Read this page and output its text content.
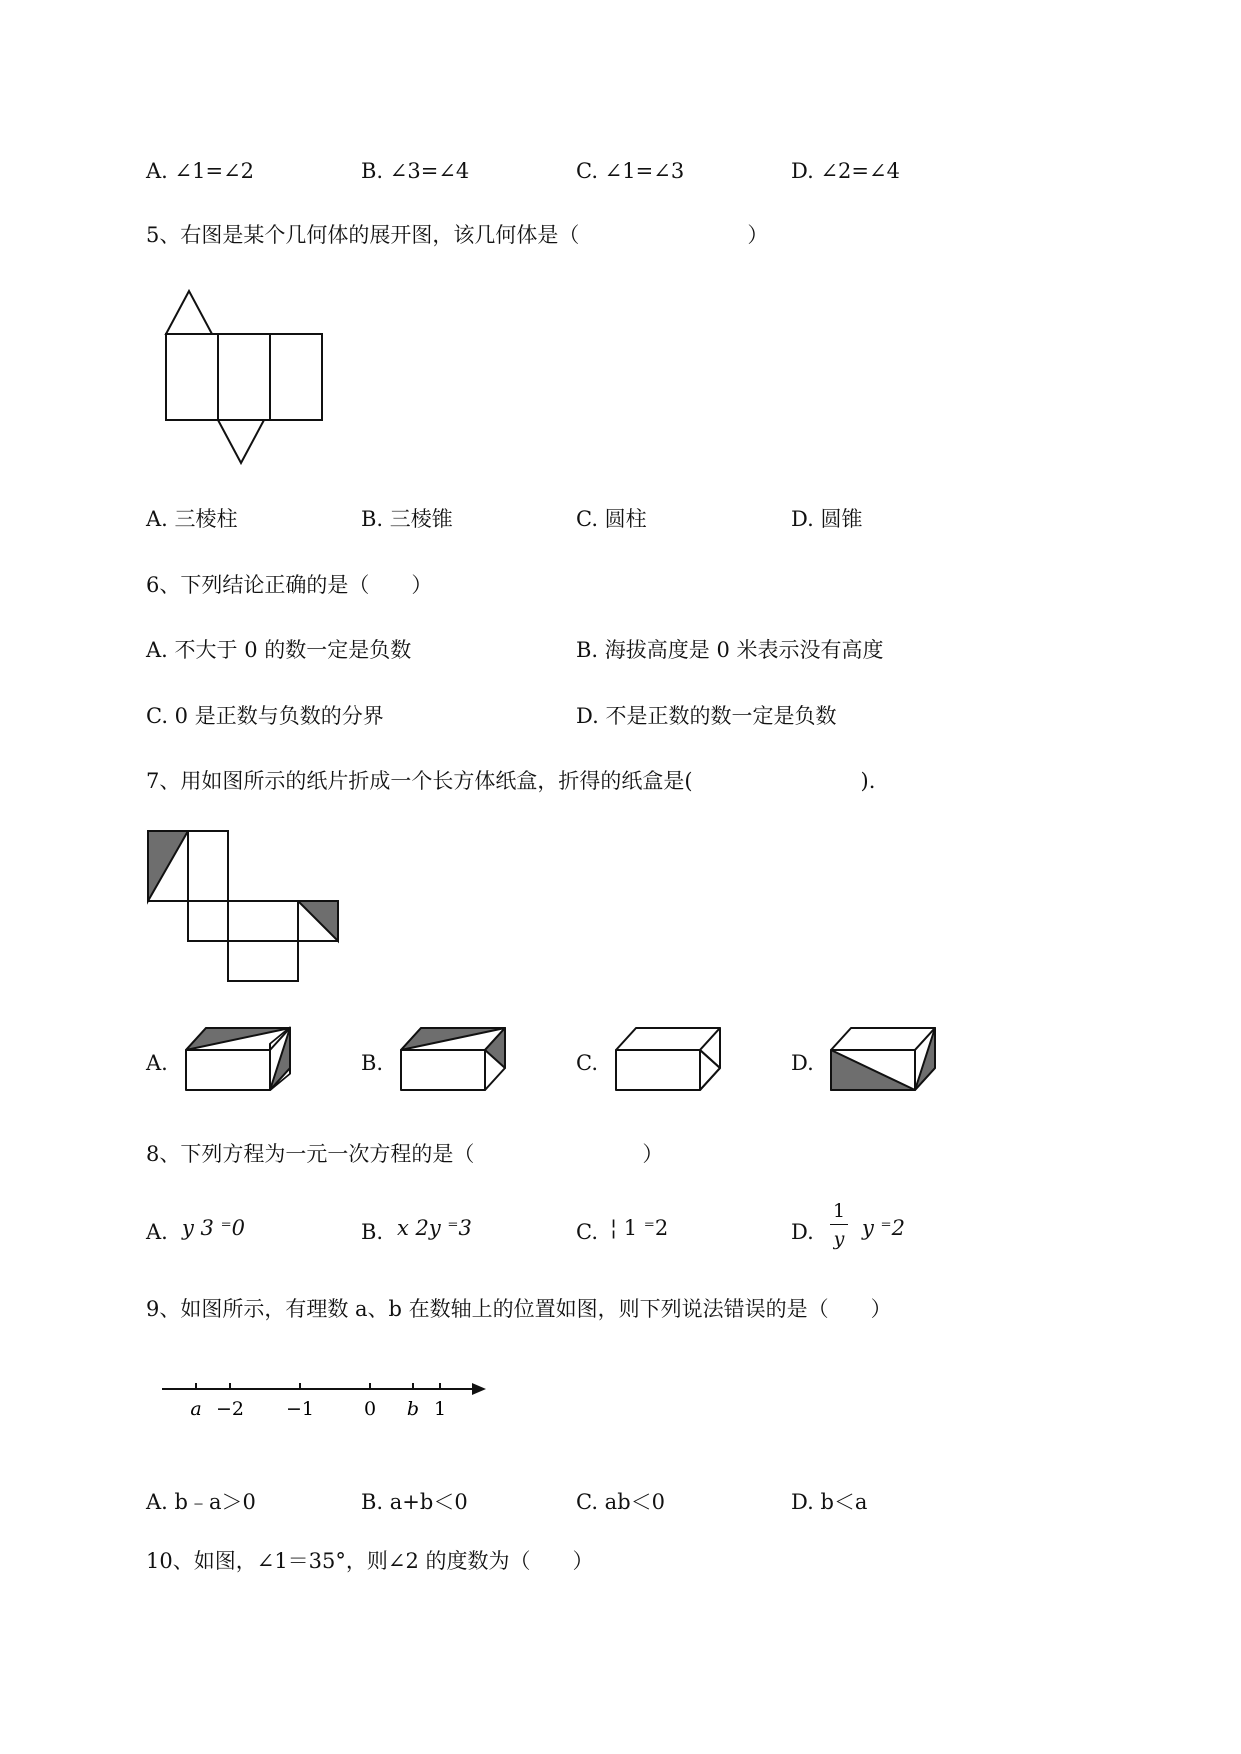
A. ∠1=∠2	B. ∠3=∠4	C. ∠1=∠3	D. ∠2=∠4
5、右图是某个几何体的展开图，该几何体是（　　　　　　　　）
A. 三棱柱	B. 三棱锥	C. 圆柱	D. 圆锥
6、下列结论正确的是（　　）
A. 不大于 0 的数一定是负数	B. 海拔高度是 0 米表示没有高度
C. 0 是正数与负数的分界	D. 不是正数的数一定是负数
7、用如图所示的纸片折成一个长方体纸盒，折得的纸盒是(　　　　　　　　).
A.	B.	C.	D.
8、下列方程为一元一次方程的是（　　　　　　　　）
A. y 3 ⁼0	B. x 2y ⁼3	C. ¦ 1 ⁼2	D.
1
y y ⁼2
9、如图所示，有理数 a、b 在数轴上的位置如图，则下列说法错误的是（　　）
a −2 −1	0 b 1
A. b﹣a＞0	B. a+b＜0	C. ab＜0	D. b＜a
10、如图，∠1＝35°，则∠2 的度数为（　　）
